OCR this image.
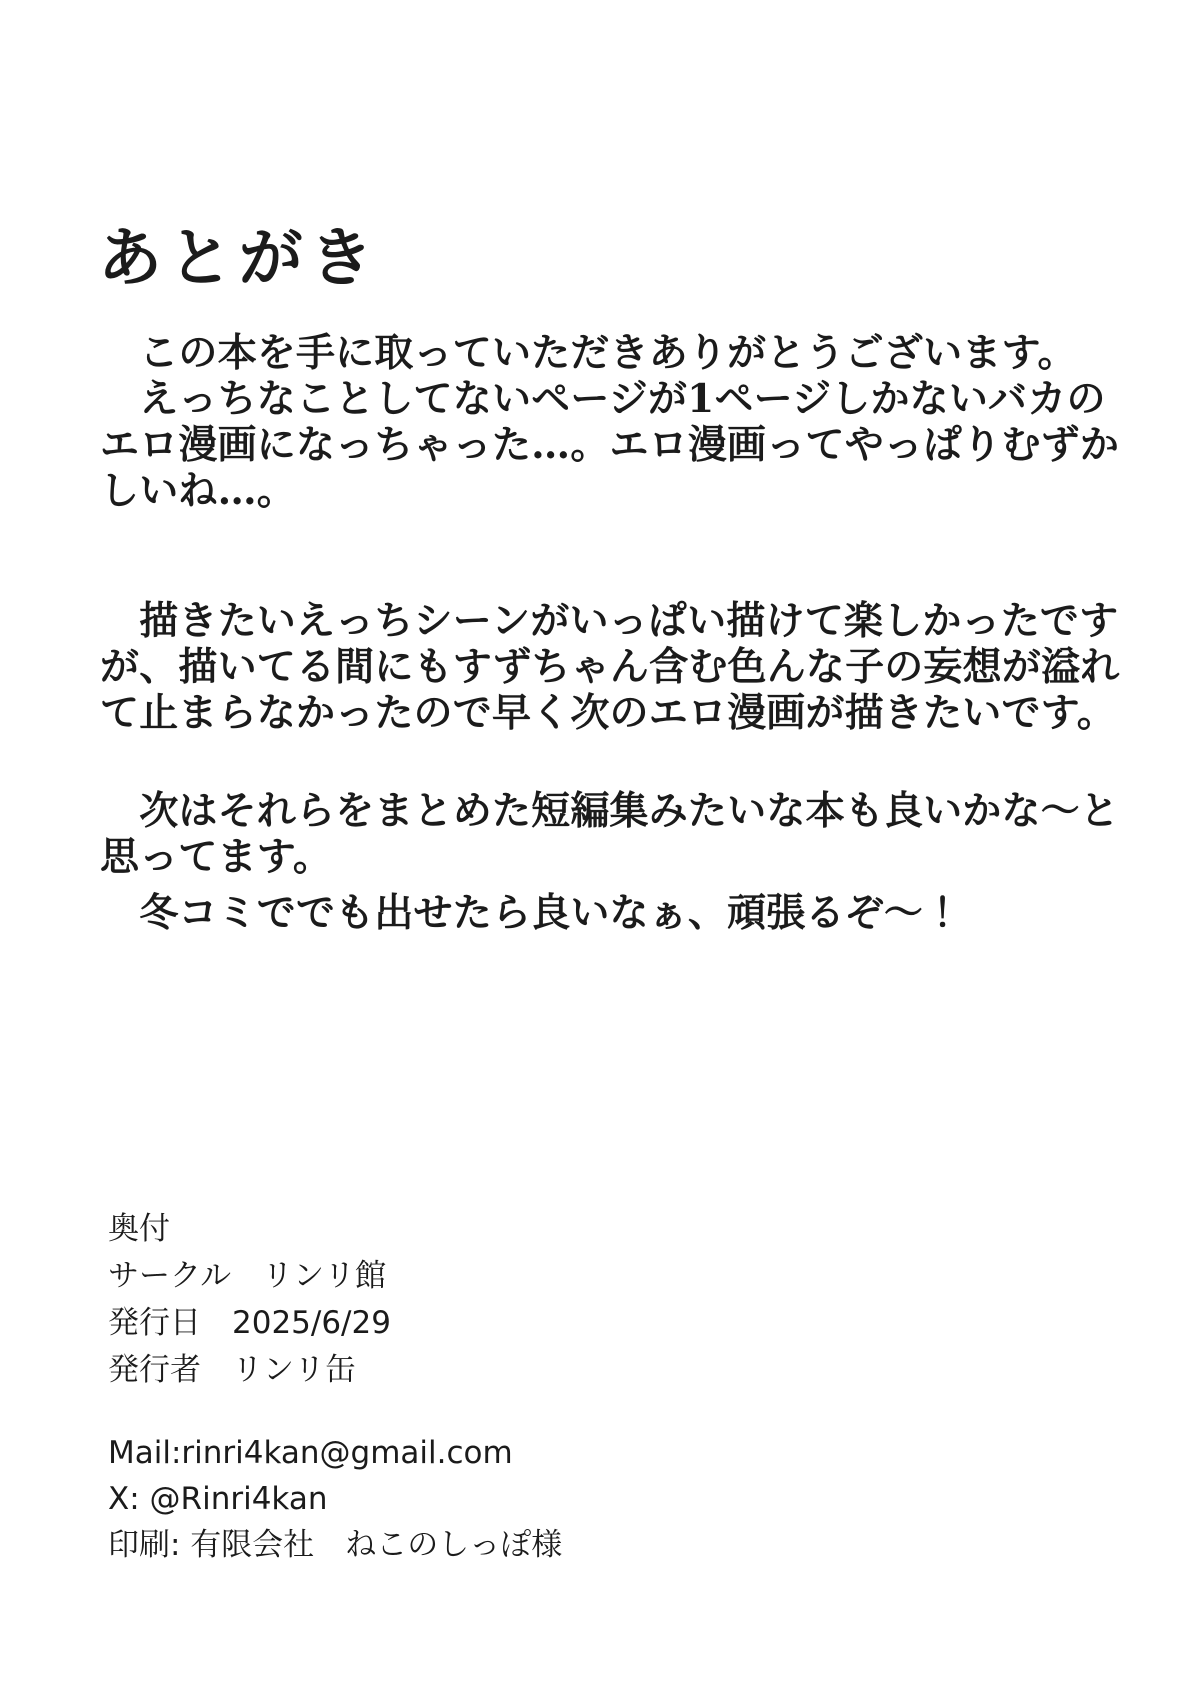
あとがき
　この本を手に取っていただきありがとうございます。
　えっちなことしてないページが1ページしかないバカの
エロ漫画になっちゃった…。エロ漫画ってやっぱりむずか
しいね…。
　描きたいえっちシーンがいっぱい描けて楽しかったです
が、描いてる間にもすずちゃん含む色んな子の妄想が溢れ
て止まらなかったので早く次のエロ漫画が描きたいです。
　次はそれらをまとめた短編集みたいな本も良いかな〜と
思ってます。
　冬コミででも出せたら良いなぁ、頑張るぞ〜！
奥付
サークル　リンリ館
発行日　2025/6/29
発行者　リンリ缶
Mail:rinri4kan@gmail.com
X: @Rinri4kan
印刷: 有限会社　ねこのしっぽ様
